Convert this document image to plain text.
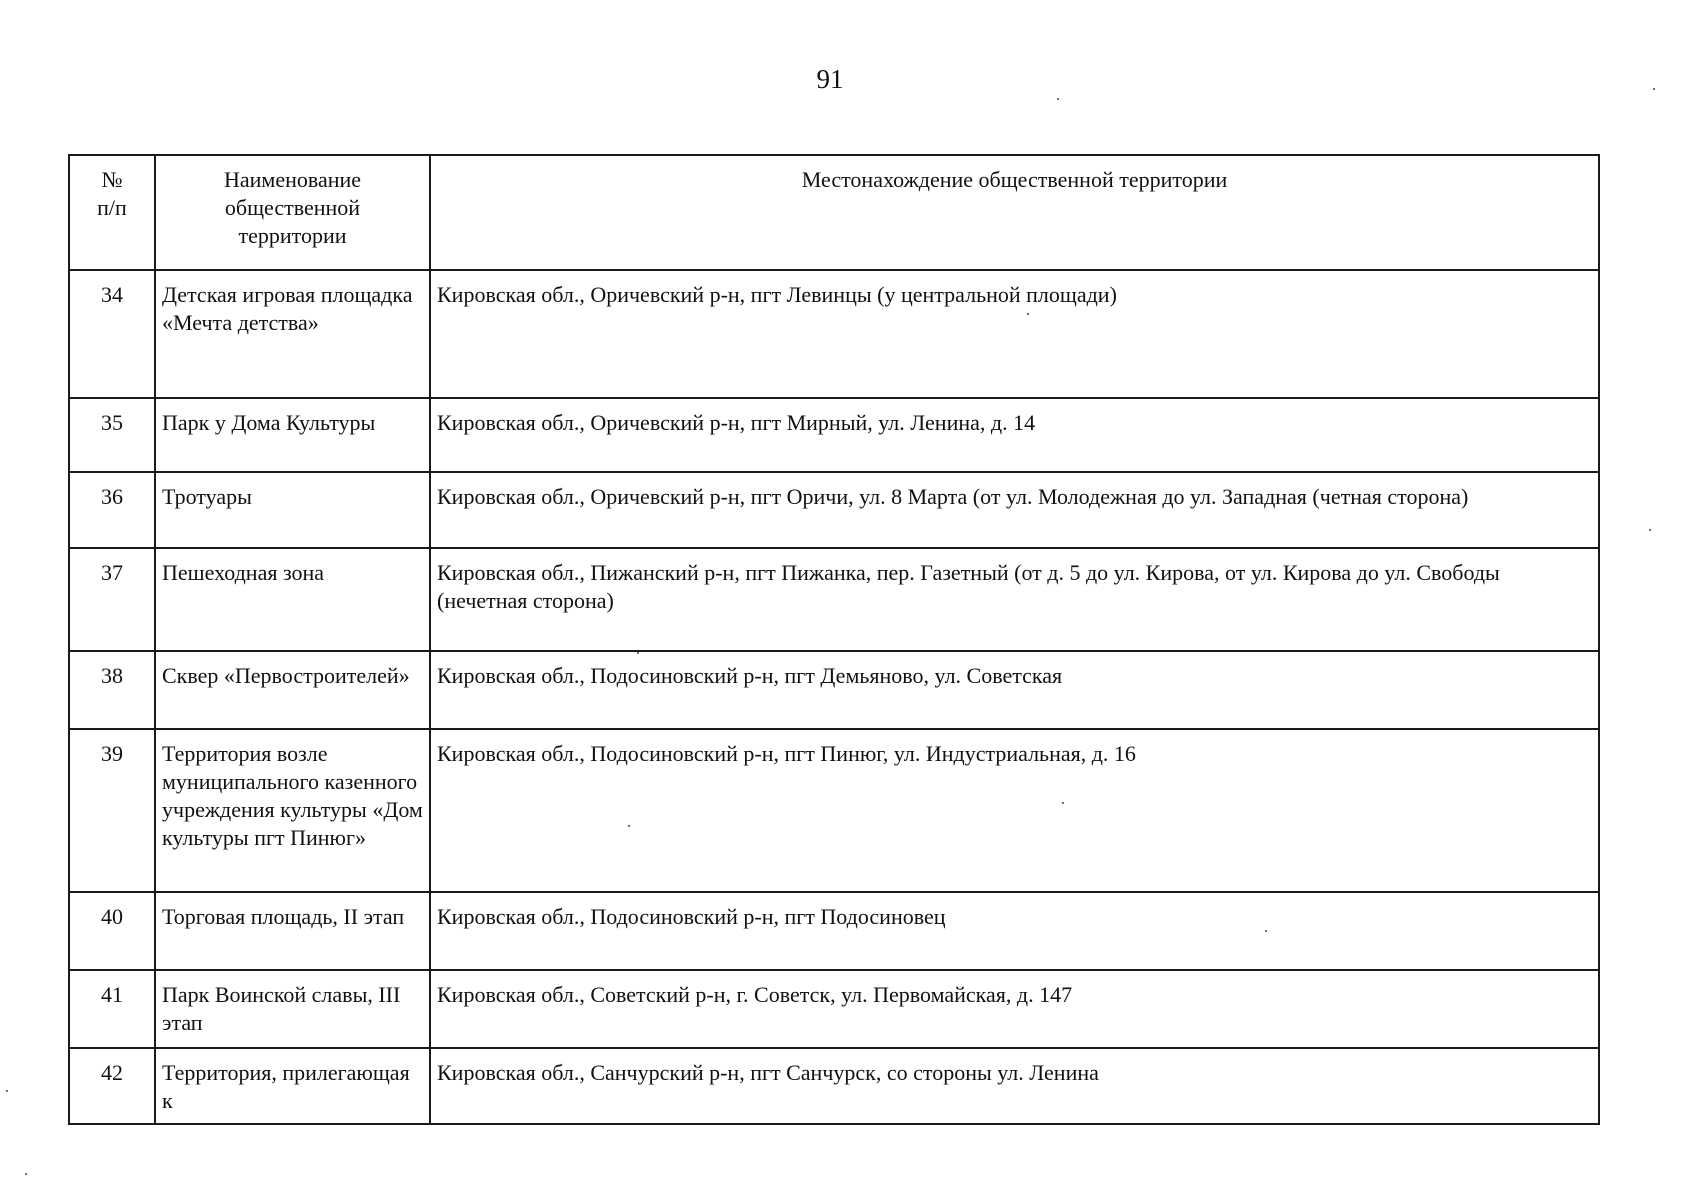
91
№
п/п	Наименование общественной территории	Местонахождение общественной территории
34	Детская игровая площадка «Мечта детства»	Кировская обл., Оричевский р-н, пгт Левинцы (у центральной площади)
35	Парк у Дома Культуры	Кировская обл., Оричевский р-н, пгт Мирный, ул. Ленина, д. 14
36	Тротуары	Кировская обл., Оричевский р-н, пгт Оричи, ул. 8 Марта (от ул. Молодежная до ул. Западная (четная сторона)
37	Пешеходная зона	Кировская обл., Пижанский р-н, пгт Пижанка, пер. Газетный (от д. 5 до ул. Кирова, от ул. Кирова до ул. Свободы (нечетная сторона)
38	Сквер «Первостроителей»	Кировская обл., Подосиновский р-н, пгт Демьяново, ул. Советская
39	Территория возле муниципального казенного учреждения культуры «Дом культуры пгт Пинюг»	Кировская обл., Подосиновский р-н, пгт Пинюг, ул. Индустриальная, д. 16
40	Торговая площадь, II этап	Кировская обл., Подосиновский р-н, пгт Подосиновец
41	Парк Воинской славы, III этап	Кировская обл., Советский р-н, г. Советск, ул. Первомайская, д. 147
42	Территория, прилегающая к	Кировская обл., Санчурский р-н, пгт Санчурск, со стороны ул. Ленина
